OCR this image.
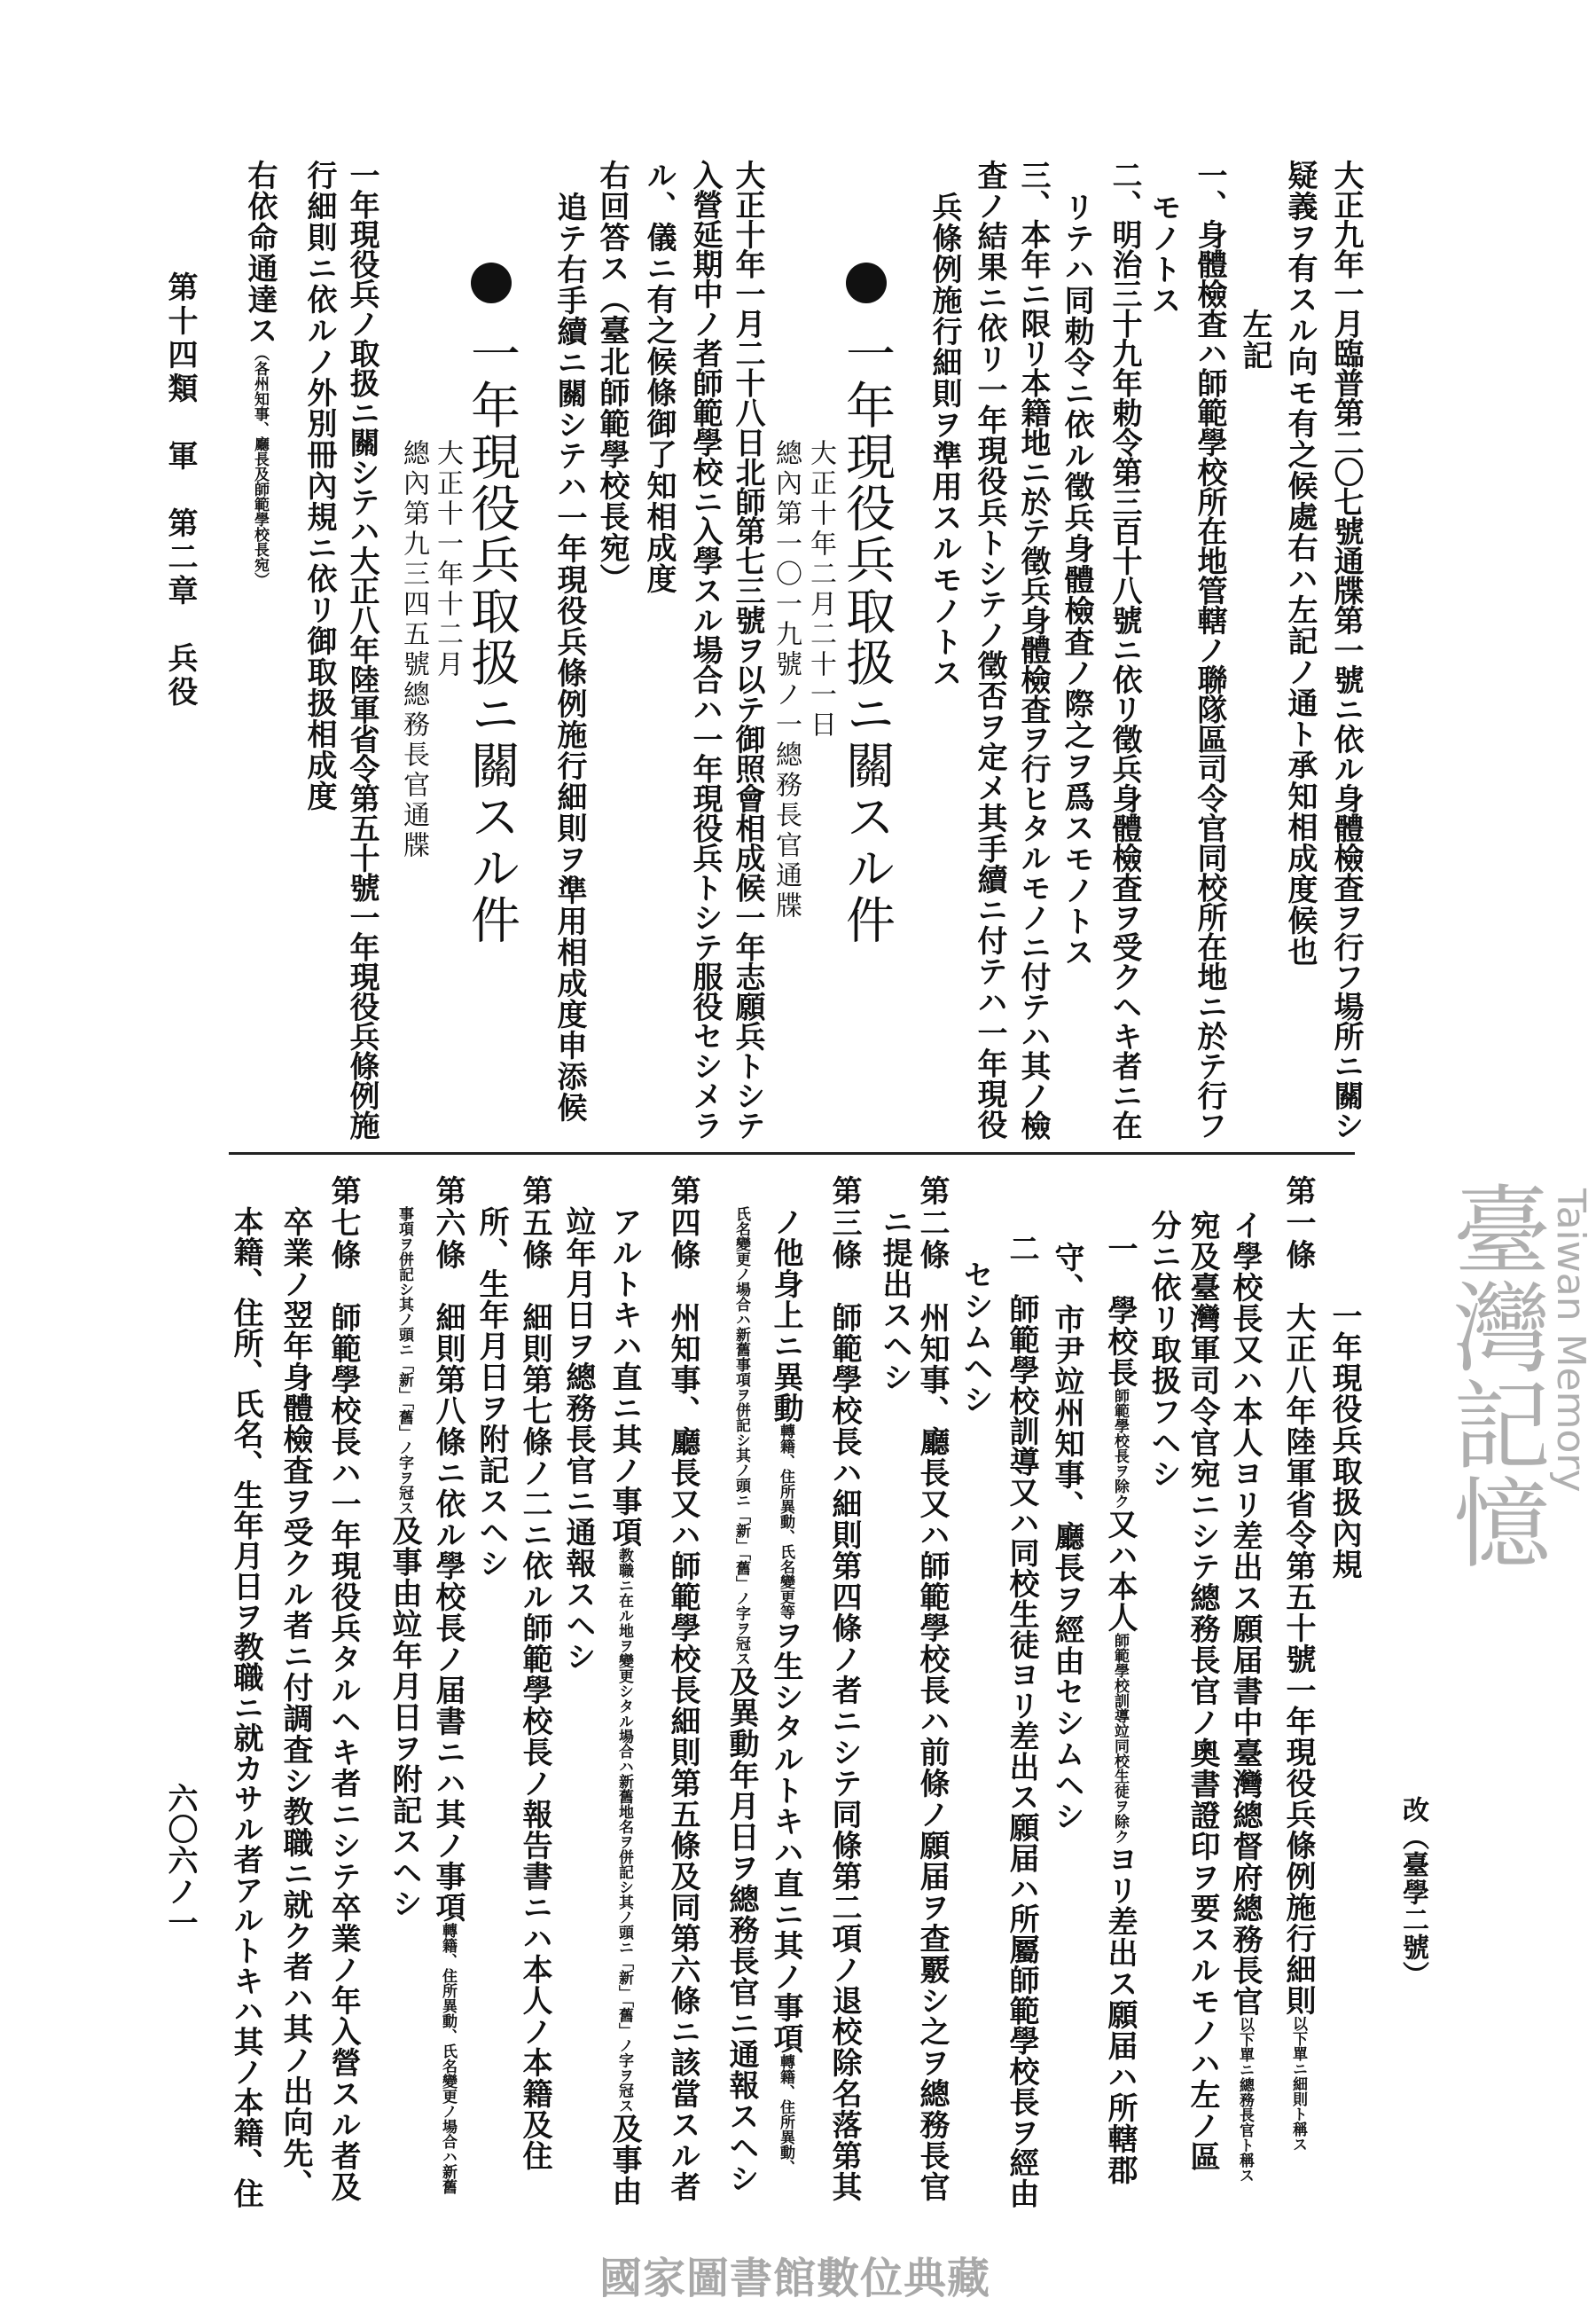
第十四類　軍　第二章　兵役
六〇六ノ一	改（臺學二號）
大正九年一月臨普第二〇七號通牒第一號ニ依ル身體檢査ヲ行フ場所ニ關シ
疑義ヲ有スル向モ有之候處右ハ左記ノ通ト承知相成度候也
左記
一、身體檢査ハ師範學校所在地管轄ノ聯隊區司令官同校所在地ニ於テ行フ
モノトス
二、明治三十九年勅令第三百十八號ニ依リ徵兵身體檢査ヲ受クヘキ者ニ在
リテハ同勅令ニ依ル徵兵身體檢査ノ際之ヲ爲スモノトス
三、本年ニ限リ本籍地ニ於テ徵兵身體檢査ヲ行ヒタルモノニ付テハ其ノ檢
査ノ結果ニ依リ一年現役兵トシテノ徵否ヲ定メ其手續ニ付テハ一年現役
兵條例施行細則ヲ準用スルモノトス
一年現役兵取扱ニ關スル件
大正十年二月二十一日
總內第一〇一九號ノ一總務長官通牒
大正十年一月二十八日北師第七三號ヲ以テ御照會相成候一年志願兵トシテ
入營延期中ノ者師範學校ニ入學スル場合ハ一年現役兵トシテ服役セシメラ
ル、儀ニ有之候條御了知相成度
右回答ス（臺北師範學校長宛）
追テ右手續ニ關シテハ一年現役兵條例施行細則ヲ準用相成度申添候
一年現役兵取扱ニ關スル件
大正十一年十二月
總內第九三四五號總務長官通牒
一年現役兵ノ取扱ニ關シテハ大正八年陸軍省令第五十號一年現役兵條例施
行細則ニ依ルノ外別冊內規ニ依リ御取扱相成度
右依命通達ス（各州知事、廳長及師範學校長宛）
一年現役兵取扱內規
第一條　大正八年陸軍省令第五十號一年現役兵條例施行細則以下單ニ細則ト稱ス
イ學校長又ハ本人ヨリ差出ス願届書中臺灣總督府總務長官以下單ニ總務長官ト稱ス
宛及臺灣軍司令官宛ニシテ總務長官ノ奧書證印ヲ要スルモノハ左ノ區
分ニ依リ取扱フヘシ
一　學校長師範學校長ヲ除ク又ハ本人師範學校訓導竝同校生徒ヲ除クヨリ差出ス願届ハ所轄郡
守、市尹竝州知事、廳長ヲ經由セシムヘシ
二　師範學校訓導又ハ同校生徒ヨリ差出ス願届ハ所屬師範學校長ヲ經由
セシムヘシ
第二條　州知事、廳長又ハ師範學校長ハ前條ノ願届ヲ查覈シ之ヲ總務長官
ニ提出スヘシ
第三條　師範學校長ハ細則第四條ノ者ニシテ同條第二項ノ退校除名落第其
ノ他身上ニ異動轉籍、住所異動、氏名變更等ヲ生シタルトキハ直ニ其ノ事項轉籍、住所異動、
氏名變更ノ場合ハ新舊事項ヲ併記シ其ノ頭ニ「新」「舊」ノ字ヲ冠ス及異動年月日ヲ總務長官ニ通報スヘシ
第四條　州知事、廳長又ハ師範學校長細則第五條及同第六條ニ該當スル者
アルトキハ直ニ其ノ事項教職ニ在ル地ヲ變更シタル場合ハ新舊地名ヲ併記シ其ノ頭ニ「新」「舊」ノ字ヲ冠ス及事由
竝年月日ヲ總務長官ニ通報スヘシ
第五條　細則第七條ノ二ニ依ル師範學校長ノ報告書ニハ本人ノ本籍及住
所、生年月日ヲ附記スヘシ
第六條　細則第八條ニ依ル學校長ノ届書ニハ其ノ事項轉籍、住所異動、氏名變更ノ場合ハ新舊
事項ヲ併記シ其ノ頭ニ「新」「舊」ノ字ヲ冠ス及事由竝年月日ヲ附記スヘシ
第七條　師範學校長ハ一年現役兵タルヘキ者ニシテ卒業ノ年入營スル者及
卒業ノ翌年身體檢査ヲ受クル者ニ付調査シ教職ニ就ク者ハ其ノ出向先、
本籍、住所、氏名、生年月日ヲ教職ニ就カサル者アルトキハ其ノ本籍、住	臺灣記憶
Taiwan Memory
國家圖書館數位典藏
